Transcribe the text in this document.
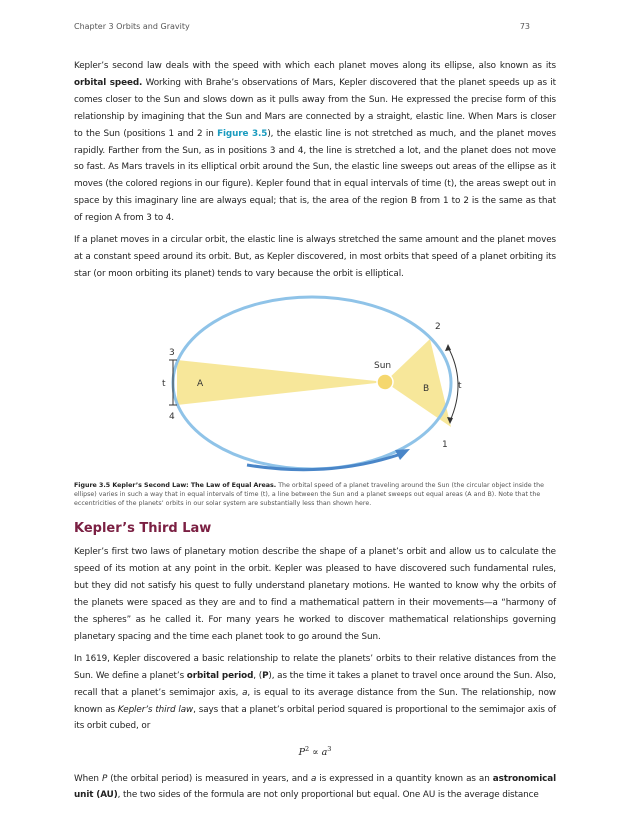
Chapter 3 Orbits and Gravity	73

Kepler’s second law deals with the speed with which each planet moves along its ellipse, also known as its orbital speed. Working with Brahe’s observations of Mars, Kepler discovered that the planet speeds up as it comes closer to the Sun and slows down as it pulls away from the Sun. He expressed the precise form of this relationship by imagining that the Sun and Mars are connected by a straight, elastic line. When Mars is closer to the Sun (positions 1 and 2 in Figure 3.5), the elastic line is not stretched as much, and the planet moves rapidly. Farther from the Sun, as in positions 3 and 4, the line is stretched a lot, and the planet does not move so fast. As Mars travels in its elliptical orbit around the Sun, the elastic line sweeps out areas of the ellipse as it moves (the colored regions in our figure). Kepler found that in equal intervals of time (t), the areas swept out in space by this imaginary line are always equal; that is, the area of the region B from 1 to 2 is the same as that of region A from 3 to 4.

If a planet moves in a circular orbit, the elastic line is always stretched the same amount and the planet moves at a constant speed around its orbit. But, as Kepler discovered, in most orbits that speed of a planet orbiting its star (or moon orbiting its planet) tends to vary because the orbit is elliptical.

Sun
A	B
1
2
3
4
t	t
Figure 3.5 Kepler’s Second Law: The Law of Equal Areas. The orbital speed of a planet traveling around the Sun (the circular object inside the ellipse) varies in such a way that in equal intervals of time (t), a line between the Sun and a planet sweeps out equal areas (A and B). Note that the eccentricities of the planets’ orbits in our solar system are substantially less than shown here.
Kepler’s Third Law

Kepler’s first two laws of planetary motion describe the shape of a planet’s orbit and allow us to calculate the speed of its motion at any point in the orbit. Kepler was pleased to have discovered such fundamental rules, but they did not satisfy his quest to fully understand planetary motions. He wanted to know why the orbits of the planets were spaced as they are and to find a mathematical pattern in their movements—a “harmony of the spheres” as he called it. For many years he worked to discover mathematical relationships governing planetary spacing and the time each planet took to go around the Sun.

In 1619, Kepler discovered a basic relationship to relate the planets’ orbits to their relative distances from the Sun. We define a planet’s orbital period, (P), as the time it takes a planet to travel once around the Sun. Also, recall that a planet’s semimajor axis, a, is equal to its average distance from the Sun. The relationship, now known as Kepler’s third law, says that a planet’s orbital period squared is proportional to the semimajor axis of its orbit cubed, or

$P^2 \propto a^3$

When P (the orbital period) is measured in years, and a is expressed in a quantity known as an astronomical unit (AU), the two sides of the formula are not only proportional but equal. One AU is the average distance
